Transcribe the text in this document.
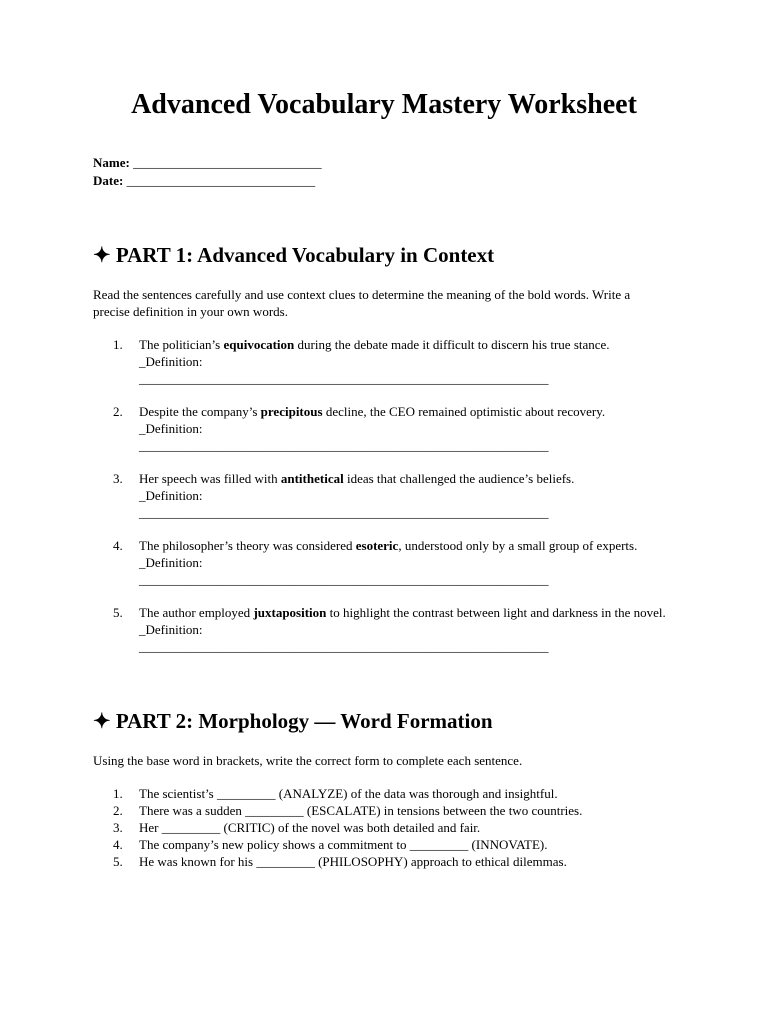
Advanced Vocabulary Mastery Worksheet
Name: _____________________________
Date: _____________________________
✦ PART 1: Advanced Vocabulary in Context
Read the sentences carefully and use context clues to determine the meaning of the bold words. Write a precise definition in your own words.
1. The politician’s equivocation during the debate made it difficult to discern his true stance.
_Definition:
_______________________________________________________________
2. Despite the company’s precipitous decline, the CEO remained optimistic about recovery.
_Definition:
_______________________________________________________________
3. Her speech was filled with antithetical ideas that challenged the audience’s beliefs.
_Definition:
_______________________________________________________________
4. The philosopher’s theory was considered esoteric, understood only by a small group of experts.
_Definition:
_______________________________________________________________
5. The author employed juxtaposition to highlight the contrast between light and darkness in the novel.
_Definition:
_______________________________________________________________
✦ PART 2: Morphology — Word Formation
Using the base word in brackets, write the correct form to complete each sentence.
1. The scientist’s _________ (ANALYZE) of the data was thorough and insightful.
2. There was a sudden _________ (ESCALATE) in tensions between the two countries.
3. Her _________ (CRITIC) of the novel was both detailed and fair.
4. The company’s new policy shows a commitment to _________ (INNOVATE).
5. He was known for his _________ (PHILOSOPHY) approach to ethical dilemmas.
